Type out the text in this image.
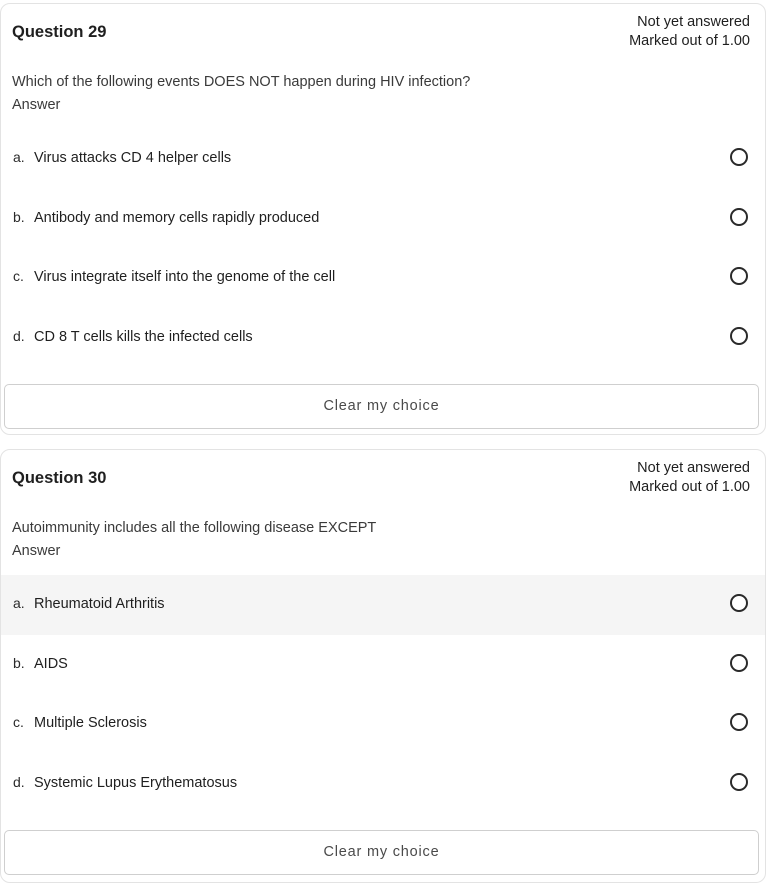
Question 29
Not yet answered
Marked out of 1.00
Which of the following events DOES NOT happen during HIV infection?
Answer
a. Virus attacks CD 4 helper cells
b. Antibody and memory cells rapidly produced
c. Virus integrate itself into the genome of the cell
d. CD 8 T cells kills the infected cells
Clear my choice
Question 30
Not yet answered
Marked out of 1.00
Autoimmunity includes all the following disease EXCEPT
Answer
a. Rheumatoid Arthritis
b. AIDS
c. Multiple Sclerosis
d. Systemic Lupus Erythematosus
Clear my choice
